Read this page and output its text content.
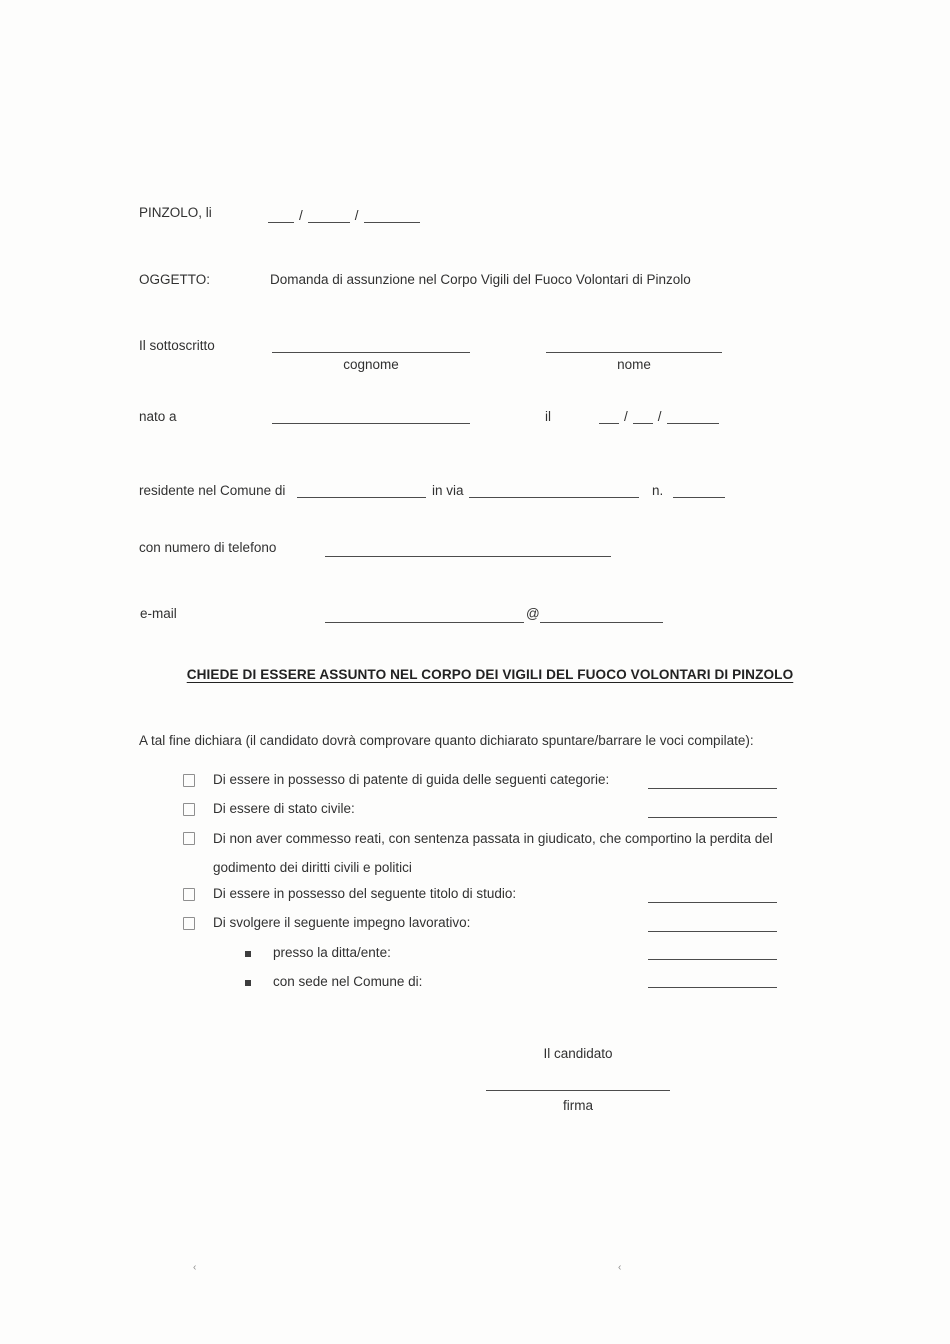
PINZOLO, li	/	/
OGGETTO:	Domanda di assunzione nel Corpo Vigili del Fuoco Volontari di Pinzolo
Il sottoscritto
cognome	nome
nato a	il	/ /
residente nel Comune di	in via	n.
con numero di telefono
e-mail	@
CHIEDE DI ESSERE ASSUNTO NEL CORPO DEI VIGILI DEL FUOCO VOLONTARI DI PINZOLO
A tal fine dichiara (il candidato dovrà comprovare quanto dichiarato spuntare/barrare le voci compilate):
Di essere in possesso di patente di guida delle seguenti categorie:
Di essere di stato civile:
Di non aver commesso reati, con sentenza passata in giudicato, che comportino la perdita del godimento dei diritti civili e politici
Di essere in possesso del seguente titolo di studio:
Di svolgere il seguente impegno lavorativo:
presso la ditta/ente:
con sede nel Comune di:
Il candidato
firma
‹	‹
